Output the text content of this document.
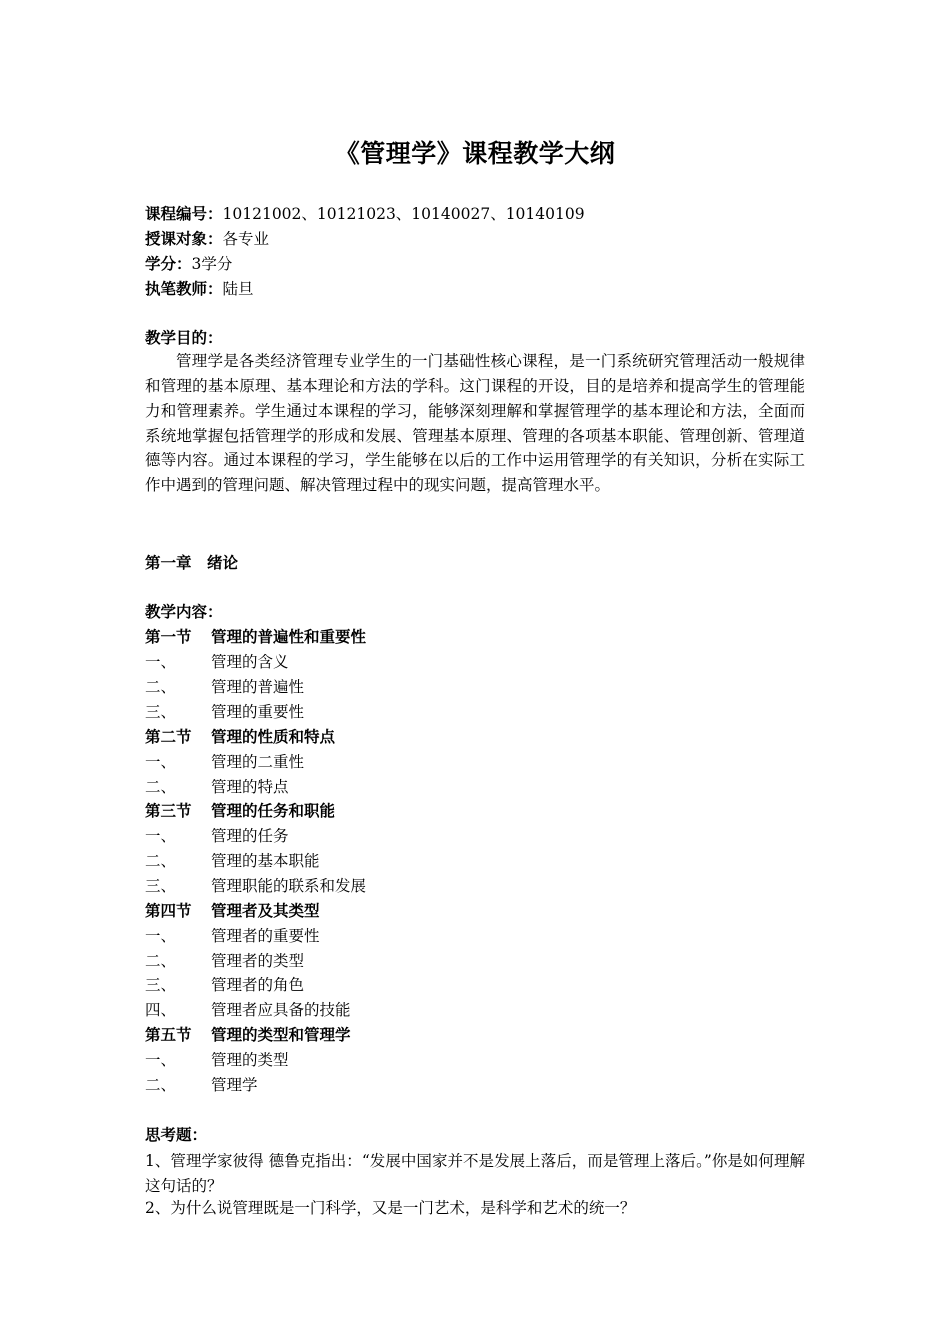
《管理学》课程教学大纲
课程编号：10121002、10121023、10140027、10140109
授课对象：各专业
学分：3学分
执笔教师：陆旦
教学目的：
管理学是各类经济管理专业学生的一门基础性核心课程，是一门系统研究管理活动一般规律和管理的基本原理、基本理论和方法的学科。这门课程的开设，目的是培养和提高学生的管理能力和管理素养。学生通过本课程的学习，能够深刻理解和掌握管理学的基本理论和方法，全面而系统地掌握包括管理学的形成和发展、管理基本原理、管理的各项基本职能、管理创新、管理道德等内容。通过本课程的学习，学生能够在以后的工作中运用管理学的有关知识，分析在实际工作中遇到的管理问题、解决管理过程中的现实问题，提高管理水平。
第一章　绪论
教学内容：
第一节 管理的普遍性和重要性
一、 管理的含义
二、 管理的普遍性
三、 管理的重要性
第二节 管理的性质和特点
一、 管理的二重性
二、 管理的特点
第三节 管理的任务和职能
一、 管理的任务
二、 管理的基本职能
三、 管理职能的联系和发展
第四节 管理者及其类型
一、 管理者的重要性
二、 管理者的类型
三、 管理者的角色
四、 管理者应具备的技能
第五节 管理的类型和管理学
一、 管理的类型
二、 管理学
思考题：
1、管理学家彼得 德鲁克指出：“发展中国家并不是发展上落后，而是管理上落后。”你是如何理解这句话的？
2、为什么说管理既是一门科学，又是一门艺术，是科学和艺术的统一？
